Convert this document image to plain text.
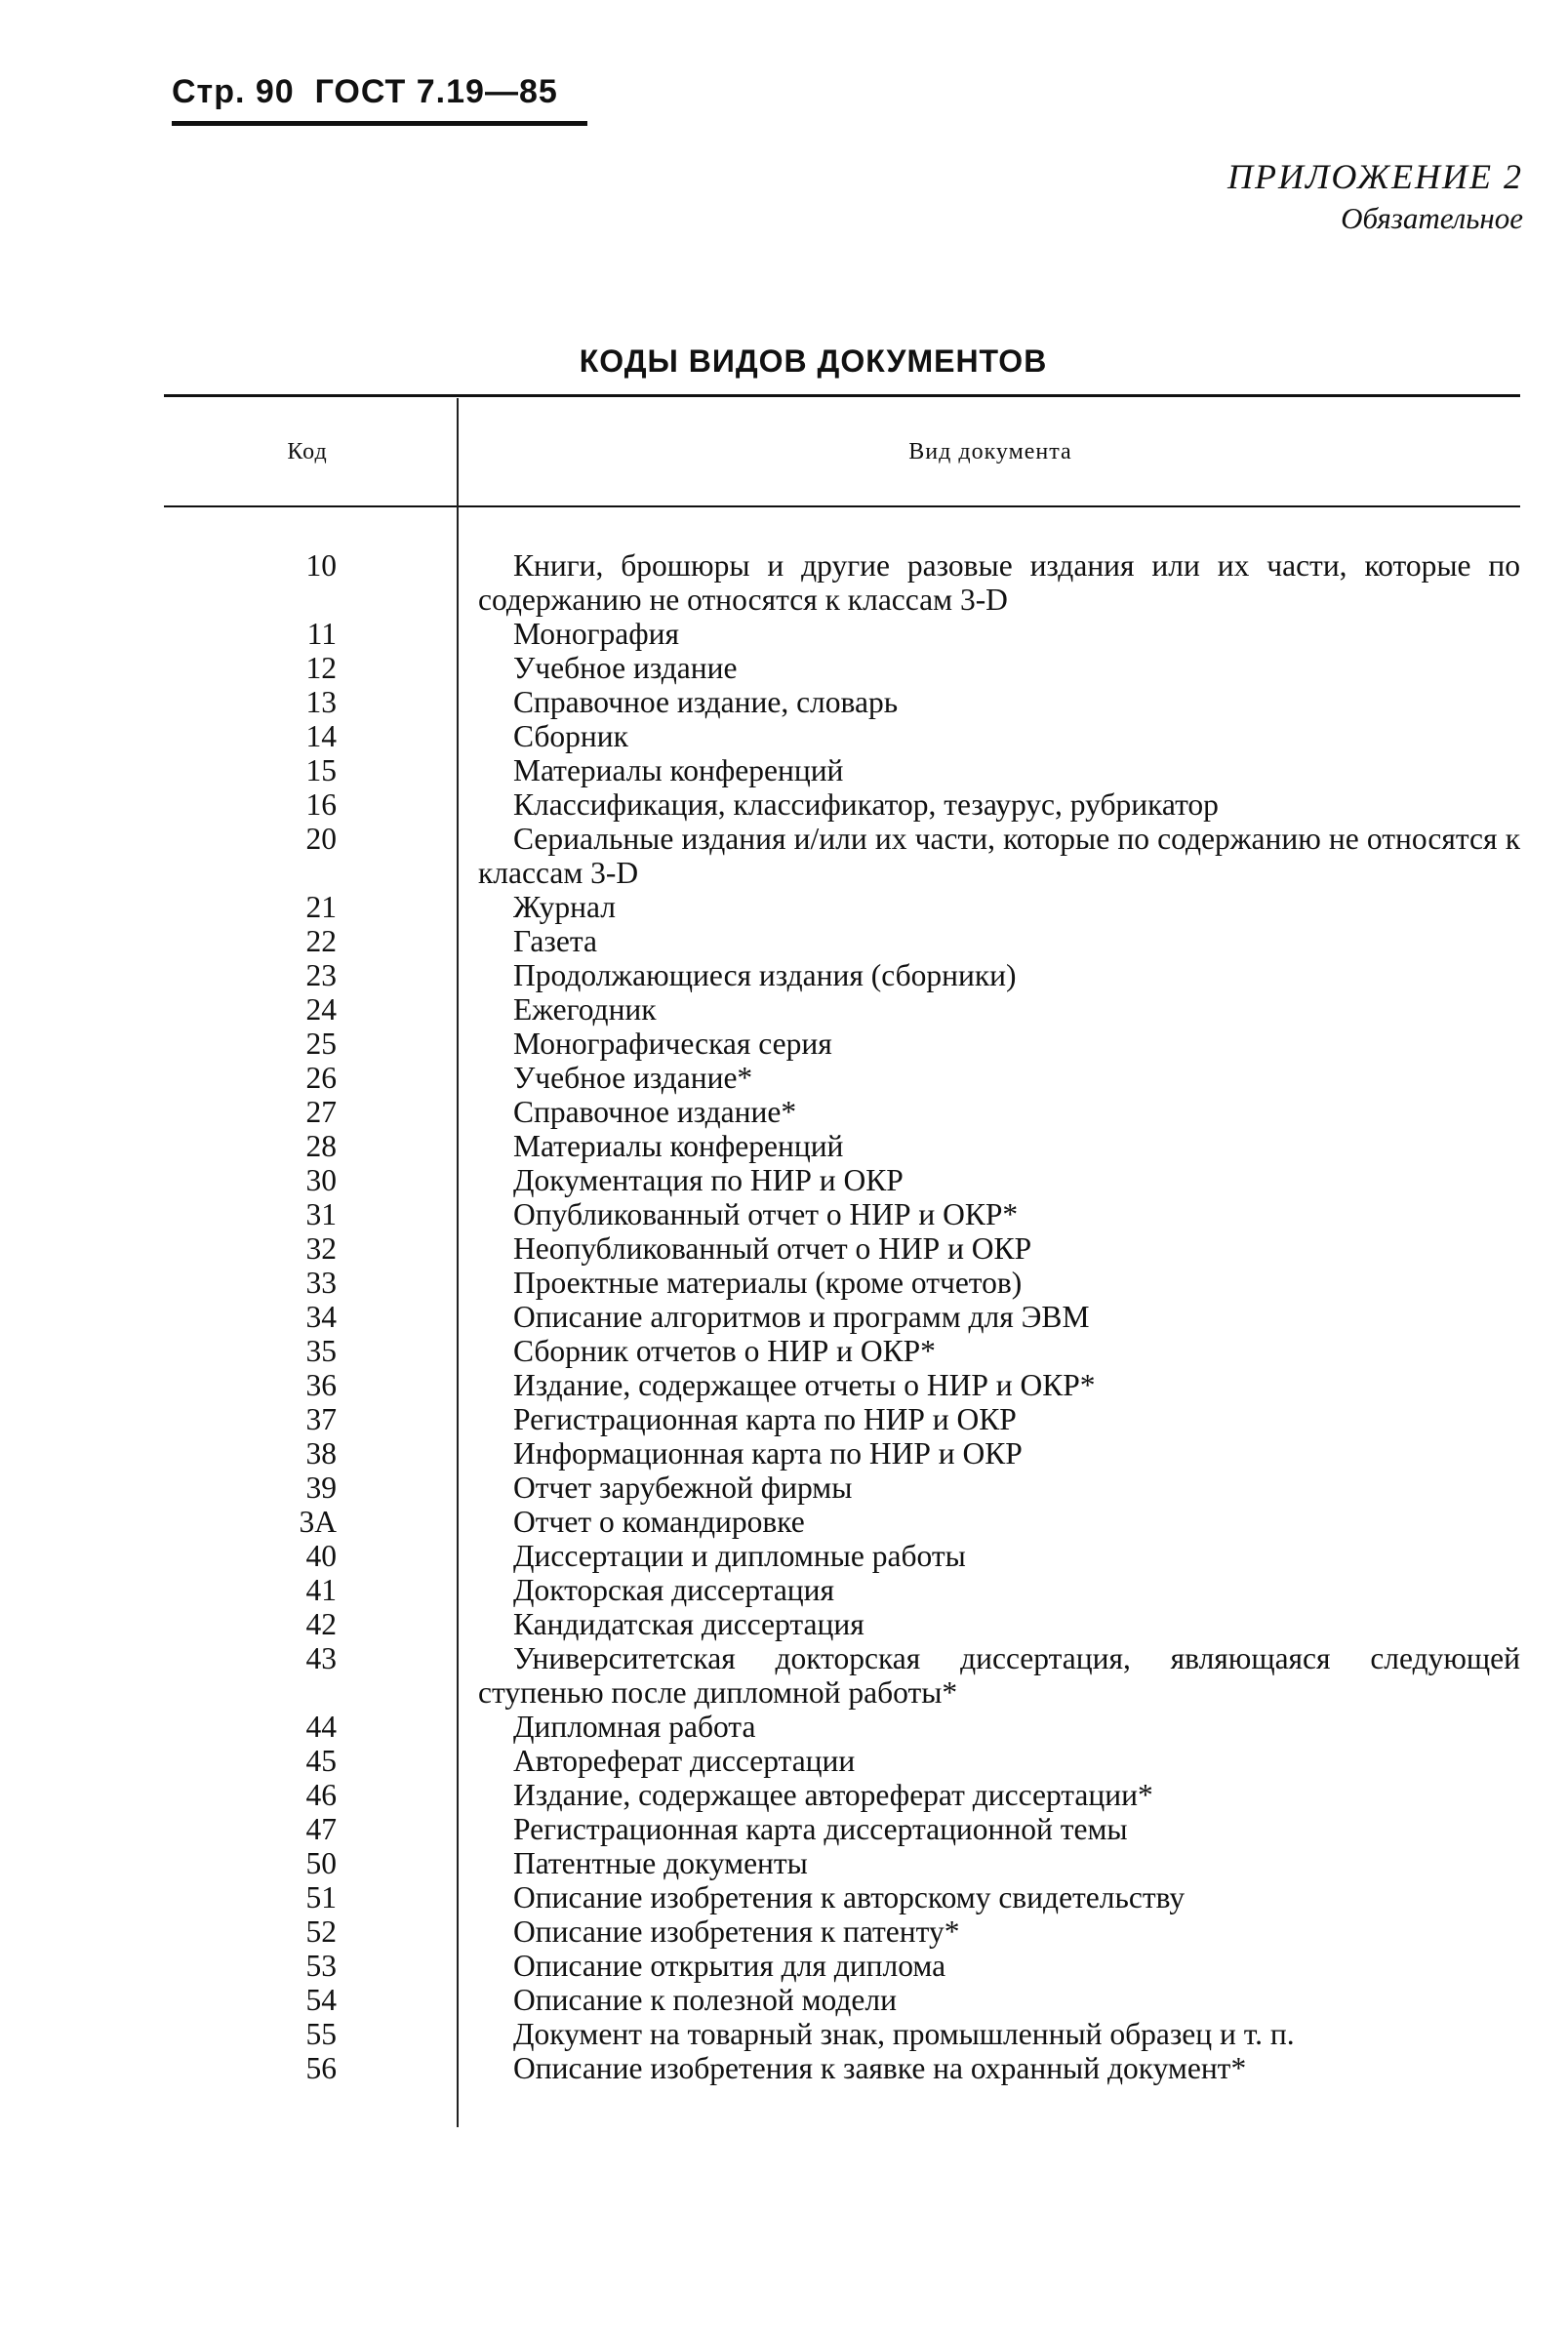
Стр. 90  ГОСТ 7.19—85
ПРИЛОЖЕНИЕ 2
Обязательное
КОДЫ ВИДОВ ДОКУМЕНТОВ
Код	Вид документа
10	Книги, брошюры и другие разовые издания или их части, которые по содержанию не относятся к классам 3-D
11	Монография
12	Учебное издание
13	Справочное издание, словарь
14	Сборник
15	Материалы конференций
16	Классификация, классификатор, тезаурус, рубрикатор
20	Сериальные издания и/или их части, которые по содержанию не относятся к классам 3-D
21	Журнал
22	Газета
23	Продолжающиеся издания (сборники)
24	Ежегодник
25	Монографическая серия
26	Учебное издание*
27	Справочное издание*
28	Материалы конференций
30	Документация по НИР и ОКР
31	Опубликованный отчет о НИР и ОКР*
32	Неопубликованный отчет о НИР и ОКР
33	Проектные материалы (кроме отчетов)
34	Описание алгоритмов и программ для ЭВМ
35	Сборник отчетов о НИР и ОКР*
36	Издание, содержащее отчеты о НИР и ОКР*
37	Регистрационная карта по НИР и ОКР
38	Информационная карта по НИР и ОКР
39	Отчет зарубежной фирмы
3А	Отчет о командировке
40	Диссертации и дипломные работы
41	Докторская диссертация
42	Кандидатская диссертация
43	Университетская докторская диссертация, являющаяся следующей ступенью после дипломной работы*
44	Дипломная работа
45	Автореферат диссертации
46	Издание, содержащее автореферат диссертации*
47	Регистрационная карта диссертационной темы
50	Патентные документы
51	Описание изобретения к авторскому свидетельству
52	Описание изобретения к патенту*
53	Описание открытия для диплома
54	Описание к полезной модели
55	Документ на товарный знак, промышленный образец и т. п.
56	Описание изобретения к заявке на охранный документ*
